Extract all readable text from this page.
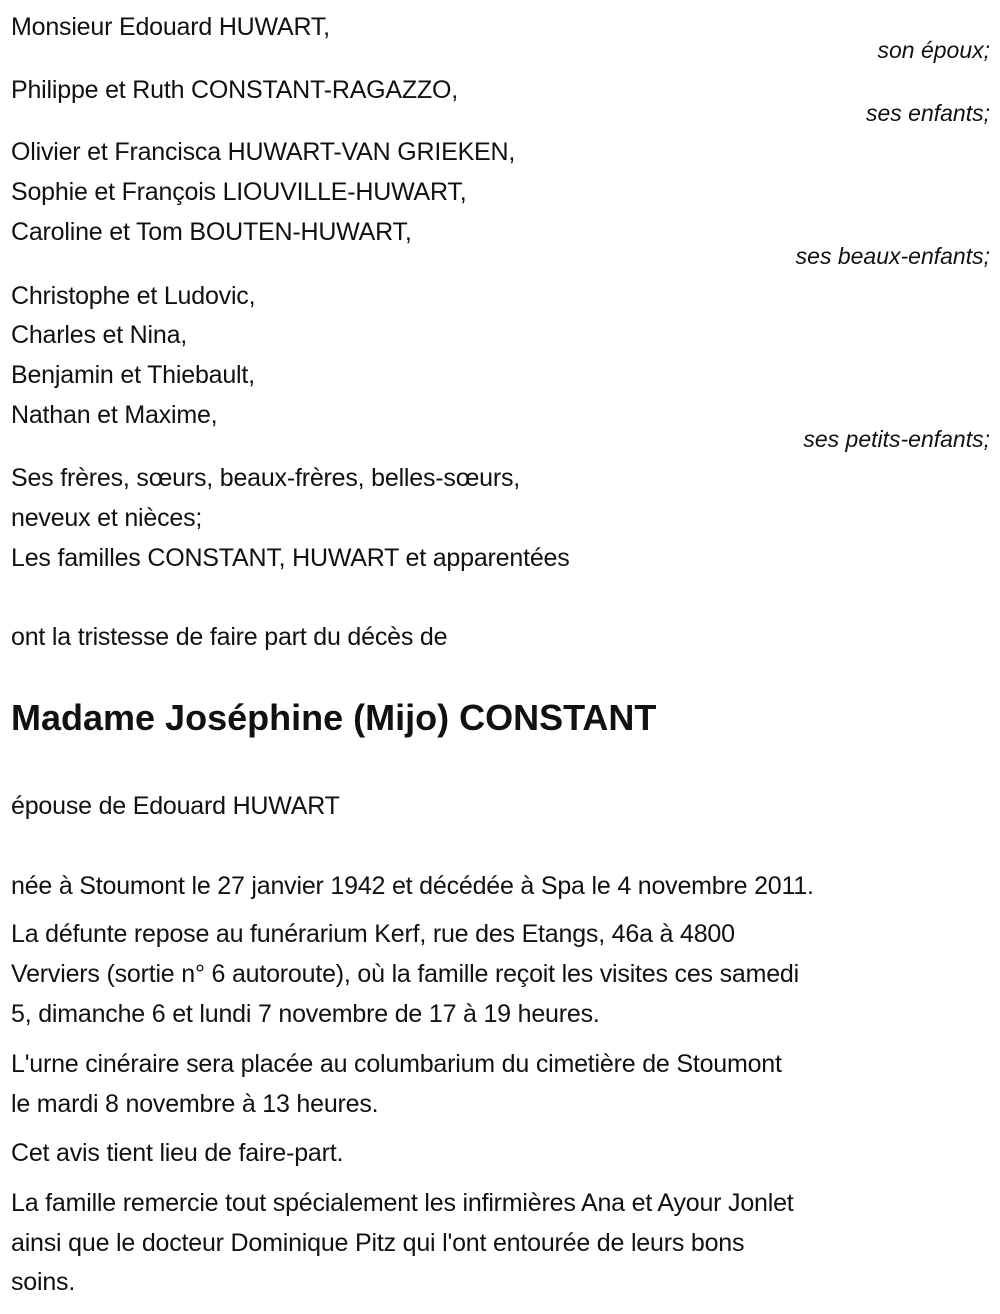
Monsieur Edouard HUWART,
son époux;
Philippe et Ruth CONSTANT-RAGAZZO,
ses enfants;
Olivier et Francisca HUWART-VAN GRIEKEN,
Sophie et François LIOUVILLE-HUWART,
Caroline et Tom BOUTEN-HUWART,
ses beaux-enfants;
Christophe et Ludovic,
Charles et Nina,
Benjamin et Thiebault,
Nathan et Maxime,
ses petits-enfants;
Ses frères, sœurs, beaux-frères, belles-sœurs,
neveux et nièces;
Les familles CONSTANT, HUWART et apparentées
ont la tristesse de faire part du décès de
Madame Joséphine (Mijo) CONSTANT
épouse de Edouard HUWART
née à Stoumont le 27 janvier 1942 et décédée à Spa le 4 novembre 2011.
La défunte repose au funérarium Kerf, rue des Etangs, 46a à 4800
Verviers (sortie n° 6 autoroute), où la famille reçoit les visites ces samedi
5, dimanche 6 et lundi 7 novembre de 17 à 19 heures.
L'urne cinéraire sera placée au columbarium du cimetière de Stoumont
le mardi 8 novembre à 13 heures.
Cet avis tient lieu de faire-part.
La famille remercie tout spécialement les infirmières Ana et Ayour Jonlet
ainsi que le docteur Dominique Pitz qui l'ont entourée de leurs bons
soins.
